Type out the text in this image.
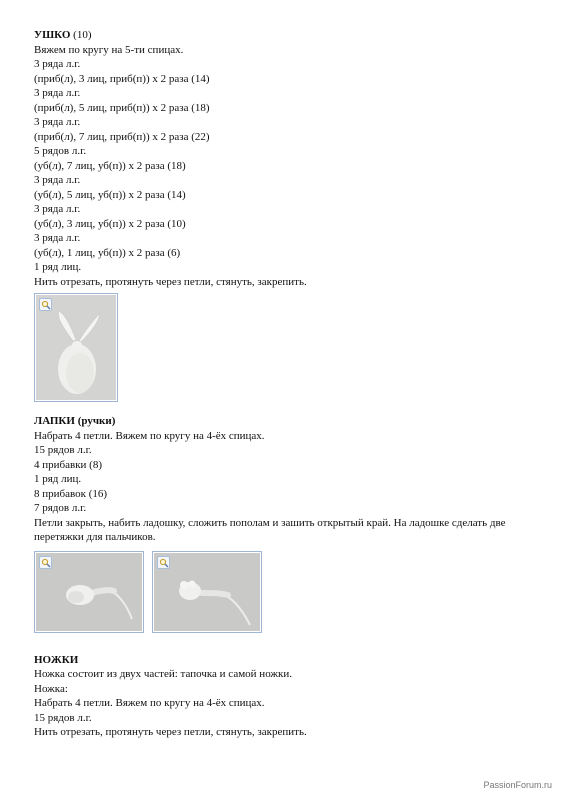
УШКО (10)

Вяжем по кругу на 5-ти спицах.

3 ряда л.г.

(приб(л), 3 лиц, приб(п)) х 2 раза (14)

3 ряда л.г.

(приб(л), 5 лиц, приб(п)) х 2 раза (18)

3 ряда л.г.

(приб(л), 7 лиц, приб(п)) х 2 раза (22)

5 рядов л.г.

(уб(л), 7 лиц, уб(п)) х 2 раза (18)

3 ряда л.г.

(уб(л), 5 лиц, уб(п)) х 2 раза (14)

3 ряда л.г.

(уб(л), 3 лиц, уб(п)) х 2 раза (10)

3 ряда л.г.

(уб(л), 1 лиц, уб(п)) х 2 раза (6)

1 ряд лиц.

Нить отрезать, протянуть через петли, стянуть, закрепить.

ЛАПКИ (ручки)

Набрать 4 петли. Вяжем по кругу на 4-ёх спицах.

15 рядов л.г.

4 прибавки (8)

1 ряд лиц.

8 прибавок (16)

7 рядов л.г.

Петли закрыть, набить ладошку, сложить пополам и зашить открытый край. На ладошке сделать две перетяжки для пальчиков.

НОЖКИ

Ножка состоит из двух частей: тапочка и самой ножки.

Ножка:

Набрать 4 петли. Вяжем по кругу на 4-ёх спицах.

15 рядов л.г.

Нить отрезать, протянуть через петли, стянуть, закрепить.

PassionForum.ru
